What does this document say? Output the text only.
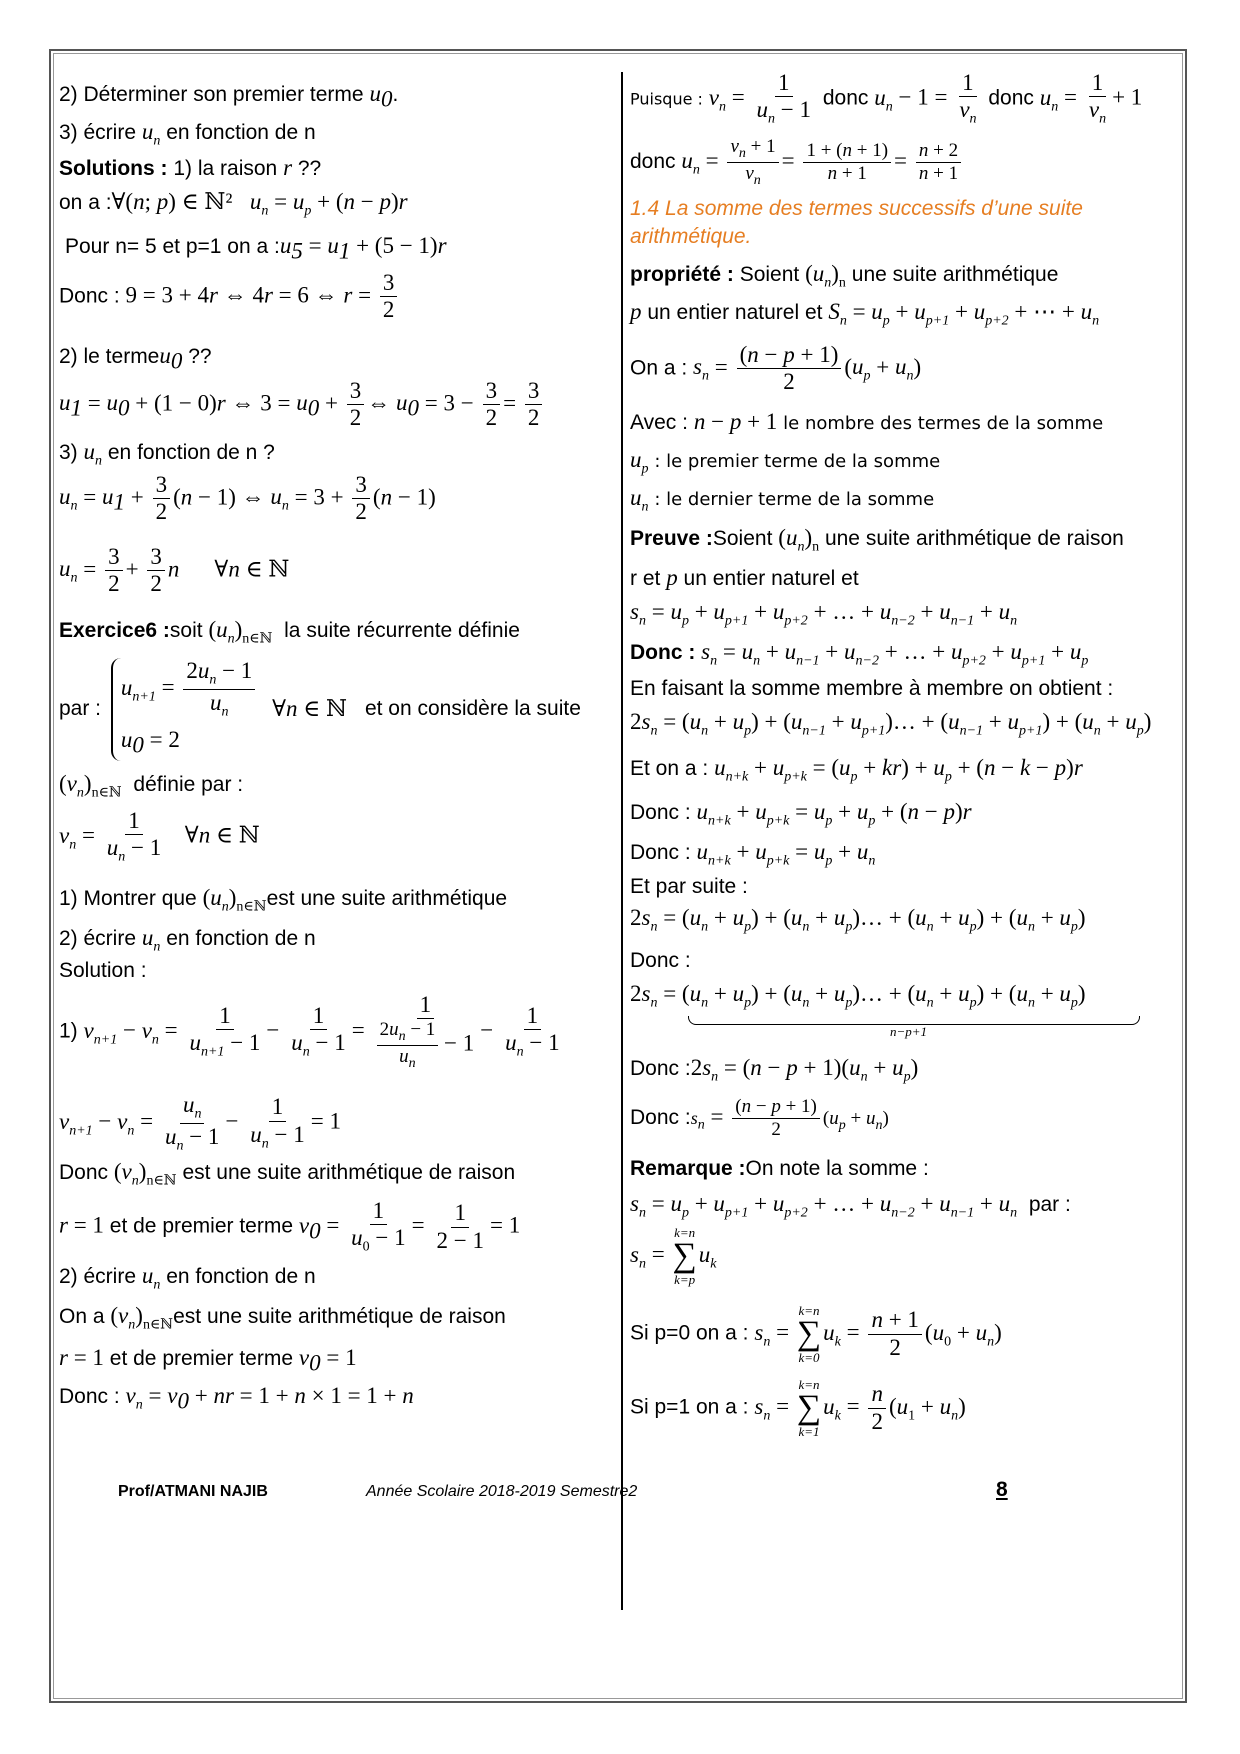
2) Déterminer son premier terme $u_0$.
3) écrire $u_n$ en fonction de n
Solutions : 1) la raison r ??
on a :∀(n; p) ∈ ℕ² $u_n = u_p + (n - p)r$
Pour n= 5 et p=1 on a $:u_5 = u_1 + (5 - 1)r$
Donc : 9 = 3 + 4r ⇔ 4r = 6 ⇔ $r = \frac{3}{2}$
2) le termeu$_0$ ??
$u_1 = u_0 + (1 - 0)r$ ⇔ $3 = u_0 + \frac{3}{2}$ ⇔ $u_0 = 3 - \frac{3}{2} = \frac{3}{2}$
3) $u_n$ en fonction de n ?
$u_n = u_1 + \frac{3}{2} (n - 1)$ ⇔ $u_n = 3 + \frac{3}{2} (n - 1)$
$u_n = \frac{3}{2} + \frac{3}{2}$ n ∀n ∈ ℕ
Exercice6 :soit $(u_n)_{n\in ℕ}$ la suite récurrente définie
par :
$u_{n+1} = \frac{2u_n - 1}{u_n}$
$u_0 = 2$
∀n ∈ ℕ et on considère la suite
$(v_n)_{n\in ℕ}$ définie par :
$v_n = \frac{1}{u_n - 1}$ ∀n ∈ ℕ
1) Montrer que $(u_n)_{n\in ℕ}est$ une suite arithmétique
2) écrire $u_n$ en fonction de n
Solution :
1) $v_{n+1} - v_n = \frac{1}{u_{n+1} - 1} - \frac{1}{u_n - 1} = \frac{1}{\frac{2u_n - 1}{u_n} - 1} - \frac{1}{u_n - 1}$
$v_{n+1} - v_n = \frac{u_n}{u_n - 1} - \frac{1}{u_n - 1} = 1$
Donc $(v_n)_{n\in ℕ}$ est une suite arithmétique de raison
r = 1 et de premier terme $v_0 = \frac{1}{u_0 - 1} = \frac{1}{2 - 1} = 1$
2) écrire $u_n$ en fonction de n
On a $(v_n)_{n\in ℕ}est$ une suite arithmétique de raison
r = 1 et de premier terme $v_0 = 1$
Donc : $v_n = v_0$ + nr = 1 + n × 1 = 1 + n
Puisque : $v_n = \frac{1}{u_n - 1}$ donc $u_n - 1 = \frac{1}{v_n}$ donc $u_n = \frac{1}{v_n} + 1$
donc $u_n = \frac{v_n + 1}{v_n} = \frac{1 + (n + 1)}{n + 1} = \frac{n + 2}{n + 1}$
1.4 La somme des termes successifs d’une suite
arithmétique.
propriété : Soient $(u_n)_n$ une suite arithmétique
p un entier naturel et $S_n = u_p + u_{p+1} + u_{p+2}$ + ⋯ + $u_n$
On a : $s_n = \frac{(n - p + 1)}{2} (u_p + u_n)$
Avec : n − p + 1 le nombre des termes de la somme
$u_p$ : le premier terme de la somme
$u_n$ : le dernier terme de la somme
Preuve :Soient $(u_n)_n$ une suite arithmétique de raison
r et p un entier naturel et
$s_n = u_p + u_{p+1} + u_{p+2}$ + … + $u_{n-2} + u_{n-1} + u_n$
Donc : $s_n = u_n + u_{n-1} + u_{n-2}$ + … + $u_{p+2} + u_{p+1} + u_p$
En faisant la somme membre à membre on obtient :
$2s_n = (u_n + u_p) + (u_{n-1}$ + $u_{p+1})\dots + (u_{n-1} + u_{p+1}) + (u_n + u_p)$
Et on a : $u_{n+k} + u_{p+k} = (u_p + kr) + u_p + (n - k - p)r$
Donc : $u_{n+k} + u_{p+k} = u_p + u_p + (n - p)r$
Donc : $u_{n+k} + u_{p+k} = u_p + u_n$
Et par suite :
$2s_n = (u_n + u_p) + (u_n$ + $u_p)\dots + (u_n + u_p) + (u_n + u_p)$
Donc :
$2s_n = (u_n + u_p) + (u_n$ + $u_p)\dots + (u_n + u_p) + (u_n + u_p)$
n−p+1
Donc $:2s_n = (n - p + 1)(u_n + u_p)$
Donc $:s_n = \frac{(n - p + 1)}{2} (u_p + u_n)$
Remarque :On note la somme :
$s_n = u_p + u_{p+1} + u_{p+2}$ + … + $u_{n-2} + u_{n-1} + u_n$ par :
$s_n$ =
k=n
∑
k=p
$u_k$
Si p=0 on a : $s_n$ =
k=n
∑
k=0
$u_k = \frac{n + 1}{2} (u_0 + u_n)$
Si p=1 on a : $s_n$ =
k=n
∑
k=1
$u_k = \frac{n}{2} (u_1 + u_n)$
Prof/ATMANI NAJIB	Année Scolaire 2018-2019 Semestre2	8
